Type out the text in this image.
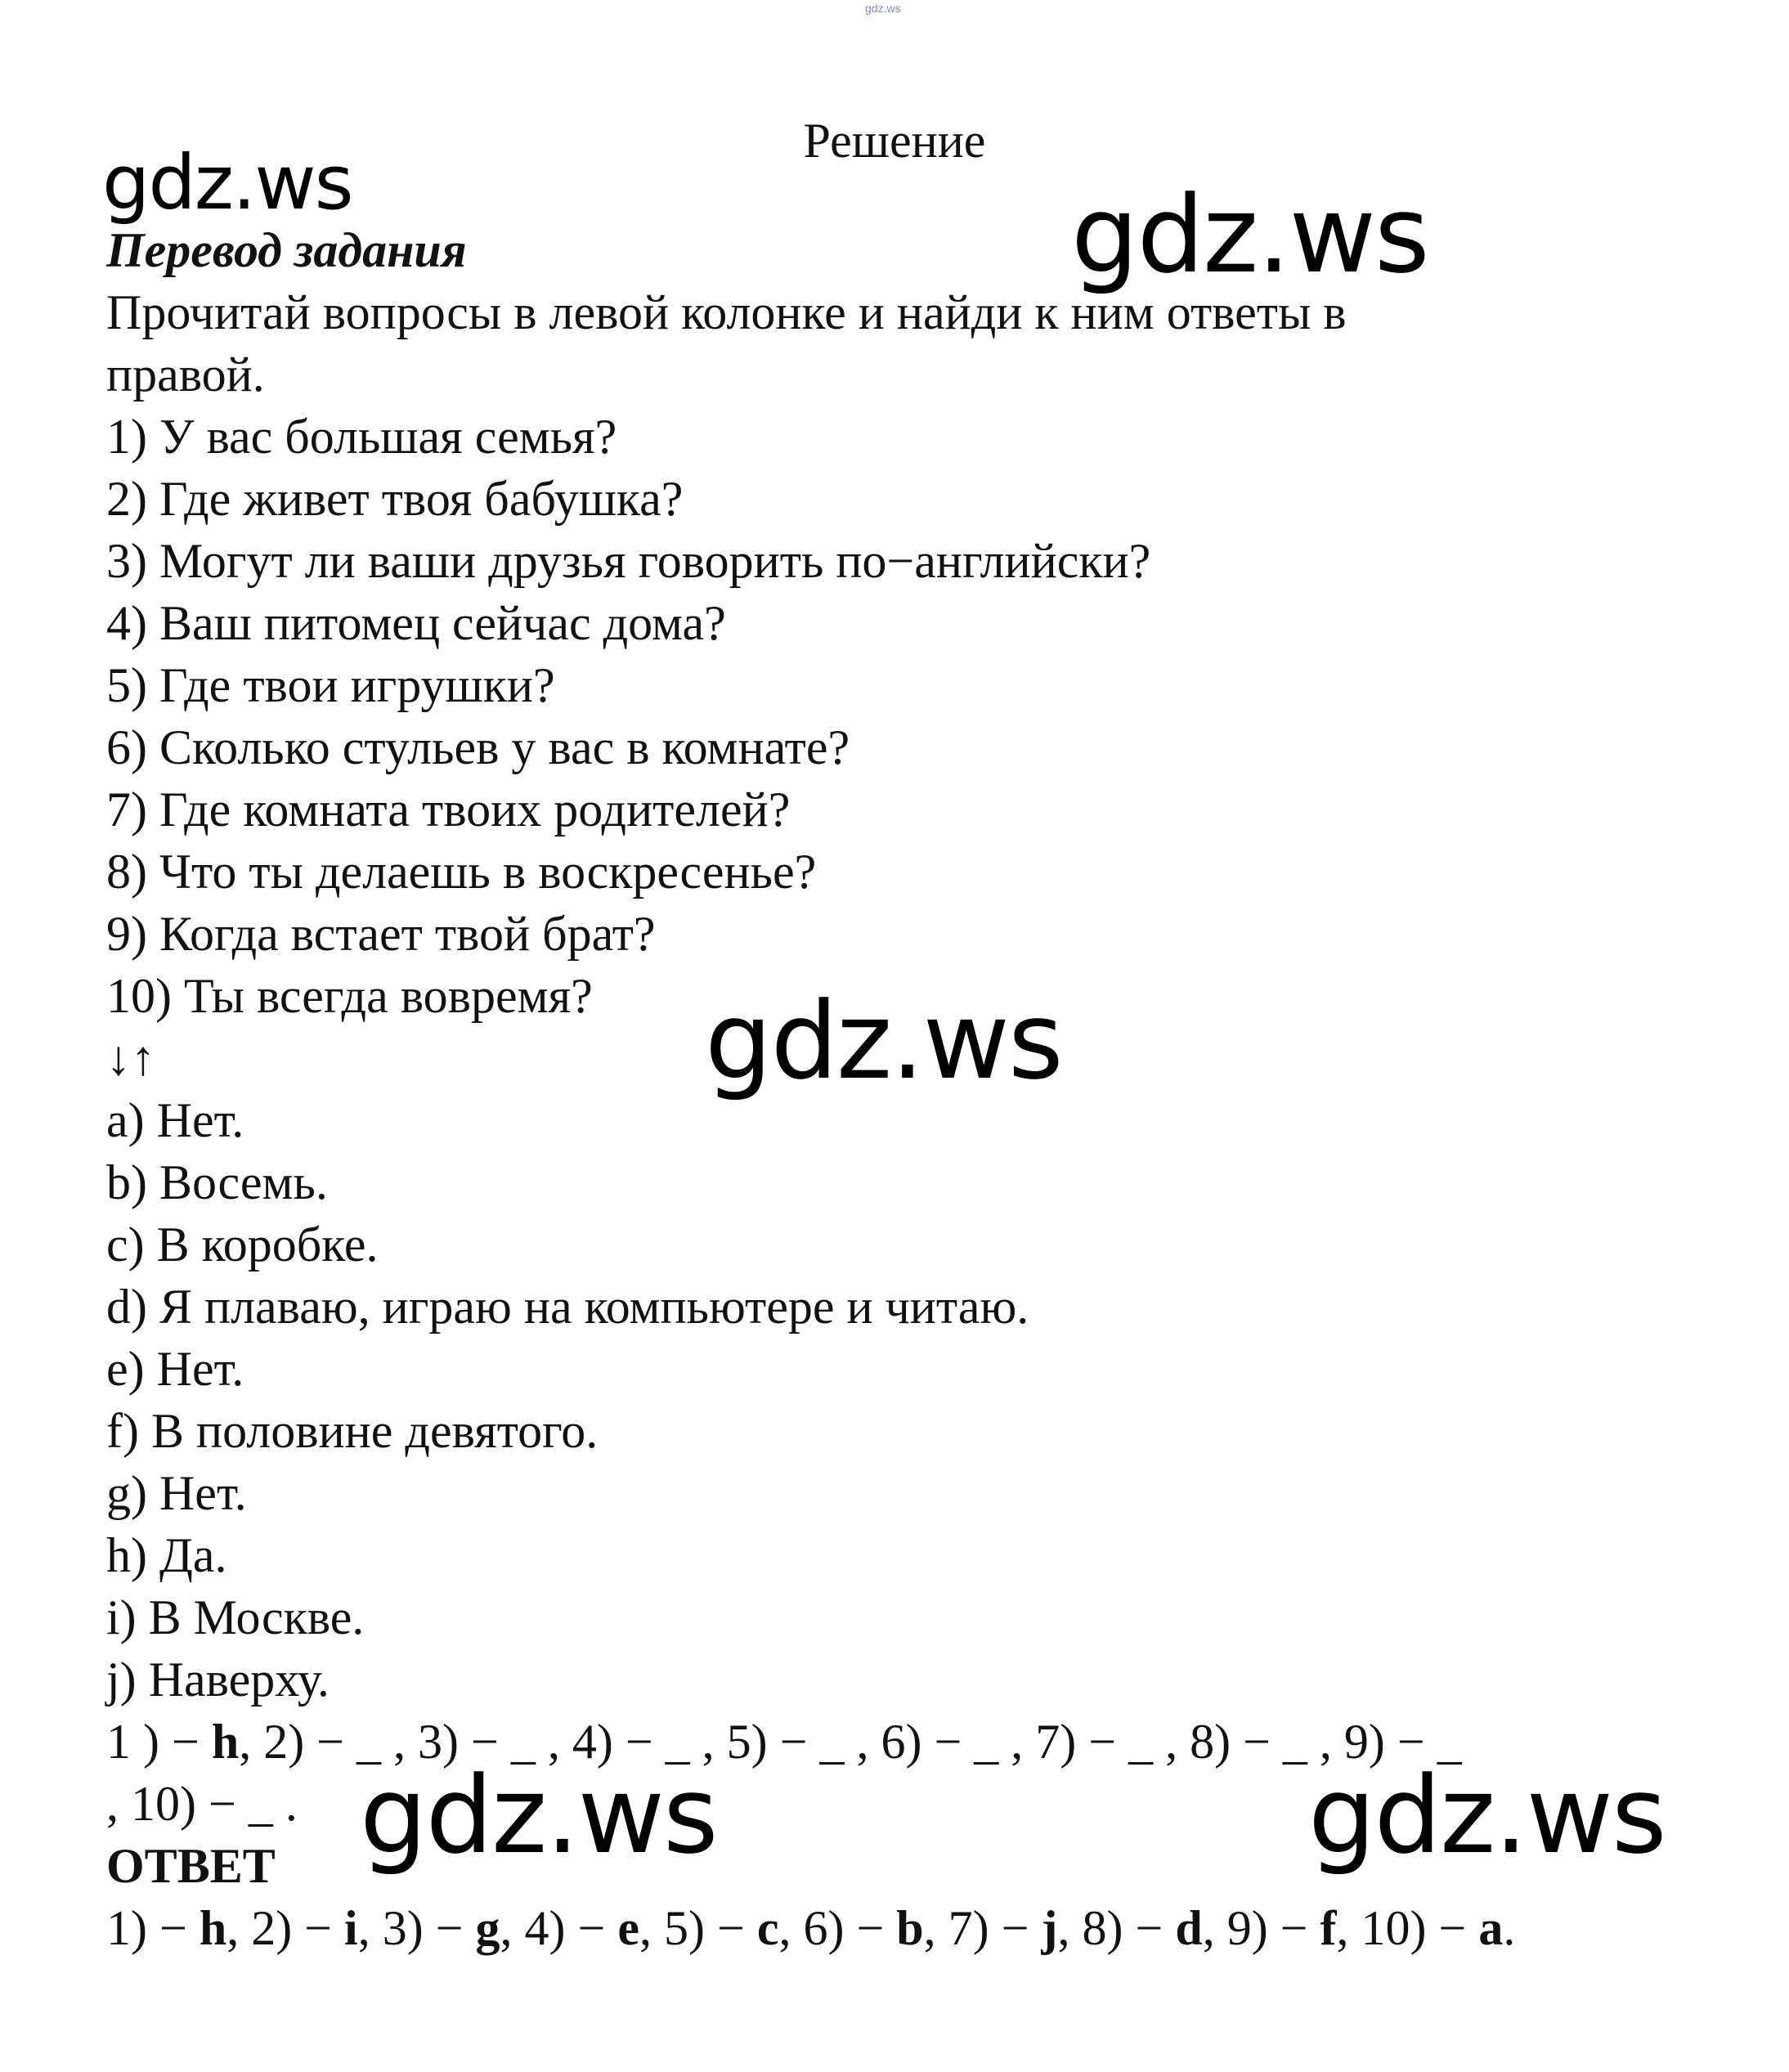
gdz.ws
Решение
gdz.ws	gdz.ws
gdz.ws
gdz.ws	gdz.ws
Перевод задания
Прочитай вопросы в левой колонке и найди к ним ответы в
правой.
1) У вас большая семья?
2) Где живет твоя бабушка?
3) Могут ли ваши друзья говорить по−английски?
4) Ваш питомец сейчас дома?
5) Где твои игрушки?
6) Сколько стульев у вас в комнате?
7) Где комната твоих родителей?
8) Что ты делаешь в воскресенье?
9) Когда встает твой брат?
10) Ты всегда вовремя?
↓↑
a) Нет.
b) Восемь.
c) В коробке.
d) Я плаваю, играю на компьютере и читаю.
e) Нет.
f) В половине девятого.
g) Нет.
h) Да.
i) В Москве.
j) Наверху.
1 ) − h, 2) − _ , 3) − _ , 4) − _ , 5) − _ , 6) − _ , 7) − _ , 8) − _ , 9) − _
, 10) − _ .
ОТВЕТ
1) − h, 2) − i, 3) − g, 4) − e, 5) − c, 6) − b, 7) − j, 8) − d, 9) − f, 10) − a.
